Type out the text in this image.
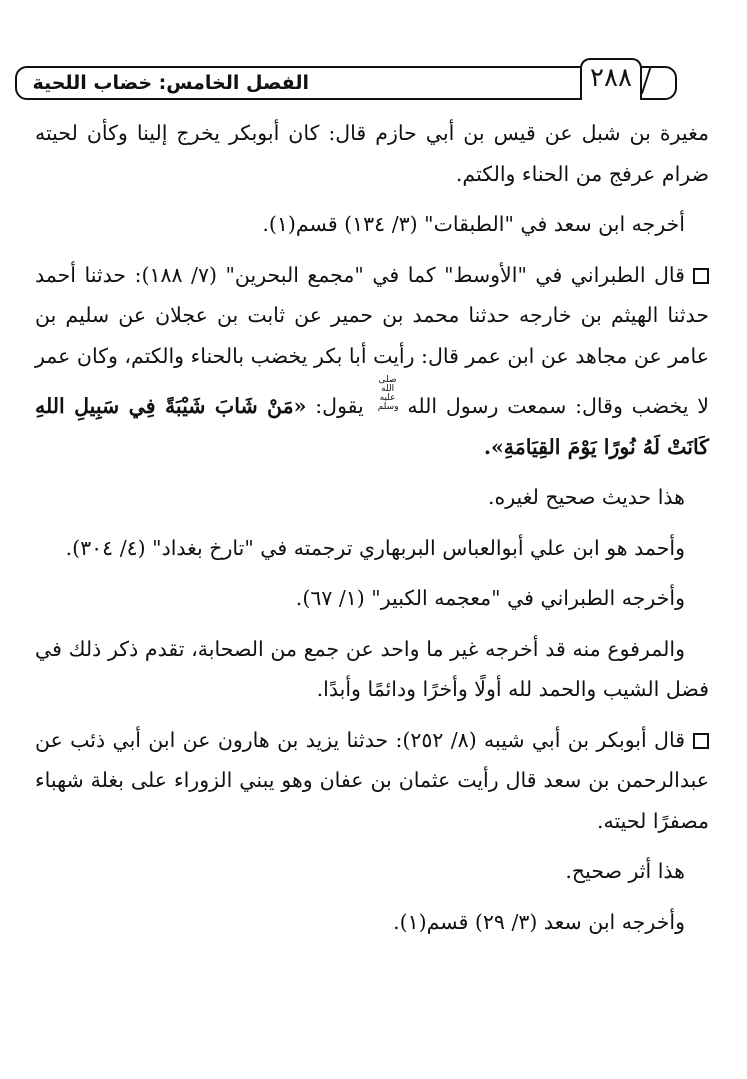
الفصل الخامس: خضاب اللحية	٢٨٨

مغيرة بن شبل عن قيس بن أبي حازم قال: كان أبوبكر يخرج إلينا وكأن لحيته ضرام عرفج من الحناء والكتم.

أخرجه ابن سعد في "الطبقات" (٣/ ١٣٤) قسم(١).

قال الطبراني في "الأوسط" كما في "مجمع البحرين" (٧/ ١٨٨): حدثنا أحمد حدثنا الهيثم بن خارجه حدثنا محمد بن حمير عن ثابت بن عجلان عن سليم بن عامر عن مجاهد عن ابن عمر قال: رأيت أبا بكر يخضب بالحناء والكتم، وكان عمر لا يخضب وقال: سمعت رسول الله صلى الله عليه وسلم يقول: «مَنْ شَابَ شَيْبَةً فِي سَبِيلِ اللهِ كَانَتْ لَهُ نُورًا يَوْمَ القِيَامَةِ».

هذا حديث صحيح لغيره.

وأحمد هو ابن علي أبوالعباس البربهاري ترجمته في "تارخ بغداد" (٤/ ٣٠٤).

وأخرجه الطبراني في "معجمه الكبير" (١/ ٦٧).

والمرفوع منه قد أخرجه غير ما واحد عن جمع من الصحابة، تقدم ذكر ذلك في فضل الشيب والحمد لله أولًا وأخرًا ودائمًا وأبدًا.

قال أبوبكر بن أبي شيبه (٨/ ٢٥٢): حدثنا يزيد بن هارون عن ابن أبي ذئب عن عبدالرحمن بن سعد قال رأيت عثمان بن عفان وهو يبني الزوراء على بغلة شهباء مصفرًا لحيته.

هذا أثر صحيح.

وأخرجه ابن سعد (٣/ ٢٩) قسم(١).
